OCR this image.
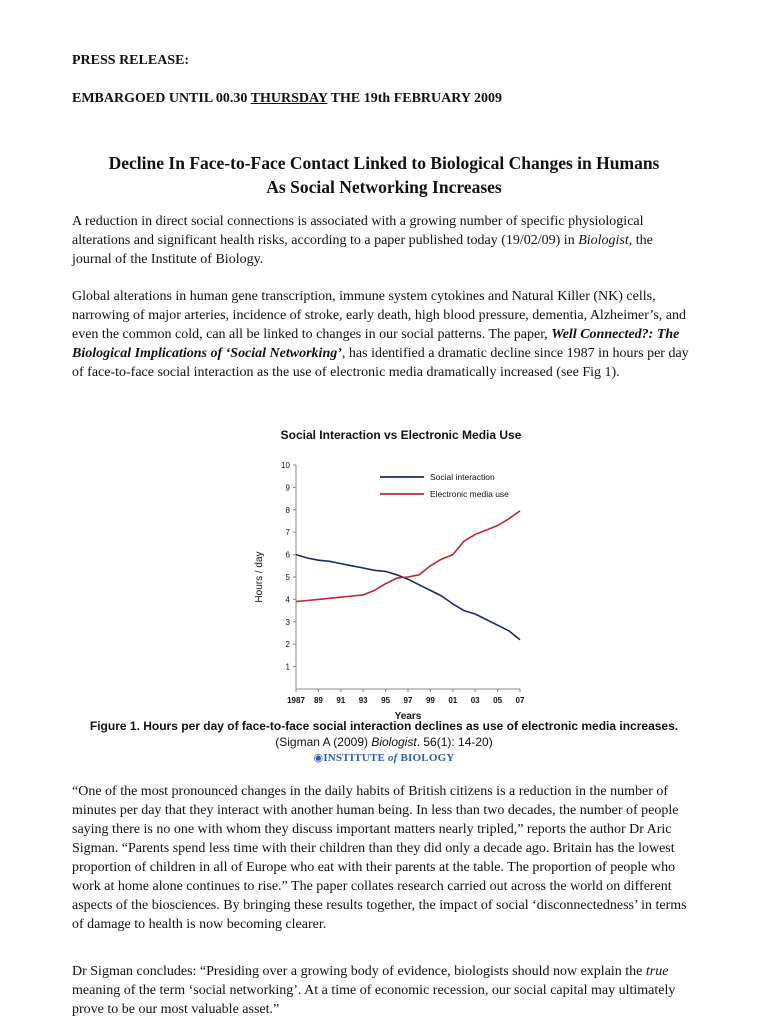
PRESS RELEASE:
EMBARGOED UNTIL 00.30 THURSDAY THE 19th FEBRUARY 2009
Decline In Face-to-Face Contact Linked to Biological Changes in Humans
As Social Networking Increases
A reduction in direct social connections is associated with a growing number of specific physiological alterations and significant health risks, according to a paper published today (19/02/09) in Biologist, the journal of the Institute of Biology.
Global alterations in human gene transcription, immune system cytokines and Natural Killer (NK) cells, narrowing of major arteries, incidence of stroke, early death, high blood pressure, dementia, Alzheimer’s, and even the common cold, can all be linked to changes in our social patterns. The paper, Well Connected?: The Biological Implications of ‘Social Networking’, has identified a dramatic decline since 1987 in hours per day of face-to-face social interaction as the use of electronic media dramatically increased (see Fig 1).
Social Interaction vs Electronic Media Use
1
2
3
4
5
6
7
8
9
10
1987 89 91 93 95 97 99 01 03 05 07
Hours / day
Years
Social interaction
Electronic media use
Figure 1. Hours per day of face-to-face social interaction declines as use of electronic media increases. (Sigman A (2009) Biologist. 56(1): 14-20)
◉INSTITUTE of BIOLOGY
“One of the most pronounced changes in the daily habits of British citizens is a reduction in the number of minutes per day that they interact with another human being. In less than two decades, the number of people saying there is no one with whom they discuss important matters nearly tripled,” reports the author Dr Aric Sigman. “Parents spend less time with their children than they did only a decade ago. Britain has the lowest proportion of children in all of Europe who eat with their parents at the table. The proportion of people who work at home alone continues to rise.” The paper collates research carried out across the world on different aspects of the biosciences. By bringing these results together, the impact of social ‘disconnectedness’ in terms of damage to health is now becoming clearer.
Dr Sigman concludes: “Presiding over a growing body of evidence, biologists should now explain the true meaning of the term ‘social networking’. At a time of economic recession, our social capital may ultimately prove to be our most valuable asset.”
